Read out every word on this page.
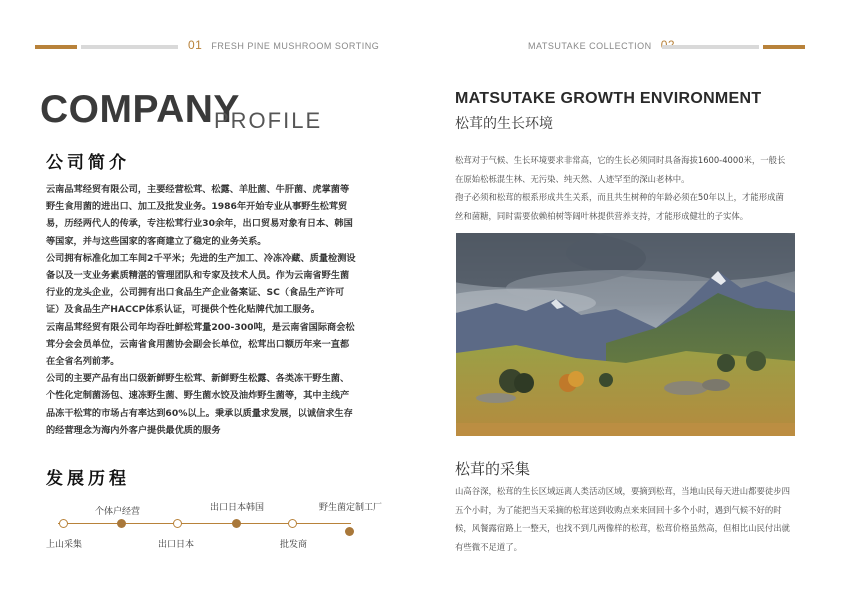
01 FRESH PINE MUSHROOM SORTING	MATSUTAKE COLLECTION
COMPANY
PROFILE
公司简介

云南品茸经贸有限公司，主要经营松茸、松露、羊肚菌、牛肝菌、虎掌菌等野生食用菌的进出口、加工及批发业务。1986年开始专业从事野生松茸贸易，历经两代人的传承，专注松茸行业30余年，出口贸易对象有日本、韩国等国家，并与这些国家的客商建立了稳定的业务关系。

公司拥有标准化加工车间2千平米；先进的生产加工、冷冻冷藏、质量检测设备以及一支业务素质精湛的管理团队和专家及技术人员。作为云南省野生菌行业的龙头企业，公司拥有出口食品生产企业备案证、SC（食品生产许可证）及食品生产HACCP体系认证，可提供个性化贴牌代加工服务。

云南品茸经贸有限公司年均吞吐鲜松茸量200-300吨，是云南省国际商会松茸分会会员单位，云南省食用菌协会副会长单位，松茸出口额历年来一直都在全省名列前茅。

公司的主要产品有出口级新鲜野生松茸、新鲜野生松露、各类冻干野生菌、个性化定制菌汤包、速冻野生菌、野生菌水饺及油炸野生菌等，其中主线产品冻干松茸的市场占有率达到60%以上。秉承以质量求发展，以诚信求生存的经营理念为海内外客户提供最优质的服务

发展历程
个体户经营	出口日本韩国	野生菌定制工厂
上山采集	出口日本	批发商
MATSUTAKE GROWTH ENVIRONMENT
松茸的生长环境

松茸对于气候、生长环境要求非常高，它的生长必须同时具备海拔1600-4000米，一般长在原始松栎混生林、无污染、纯天然、人迹罕至的深山老林中。

孢子必须和松茸的根系形成共生关系，而且共生树种的年龄必须在50年以上，才能形成菌丝和菌糖，同时需要依赖柏树等阔叶林提供营养支持，才能形成健壮的子实体。

松茸的采集

山高谷深，松茸的生长区域远离人类活动区域，要摘到松茸，当地山民每天进山都要徒步四五个小时，为了能把当天采摘的松茸送到收购点来来回回十多个小时，遇到气候不好的时候，风餐露宿路上一整天，也找不到几两像样的松茸，松茸价格虽然高，但相比山民付出就有些微不足道了。
